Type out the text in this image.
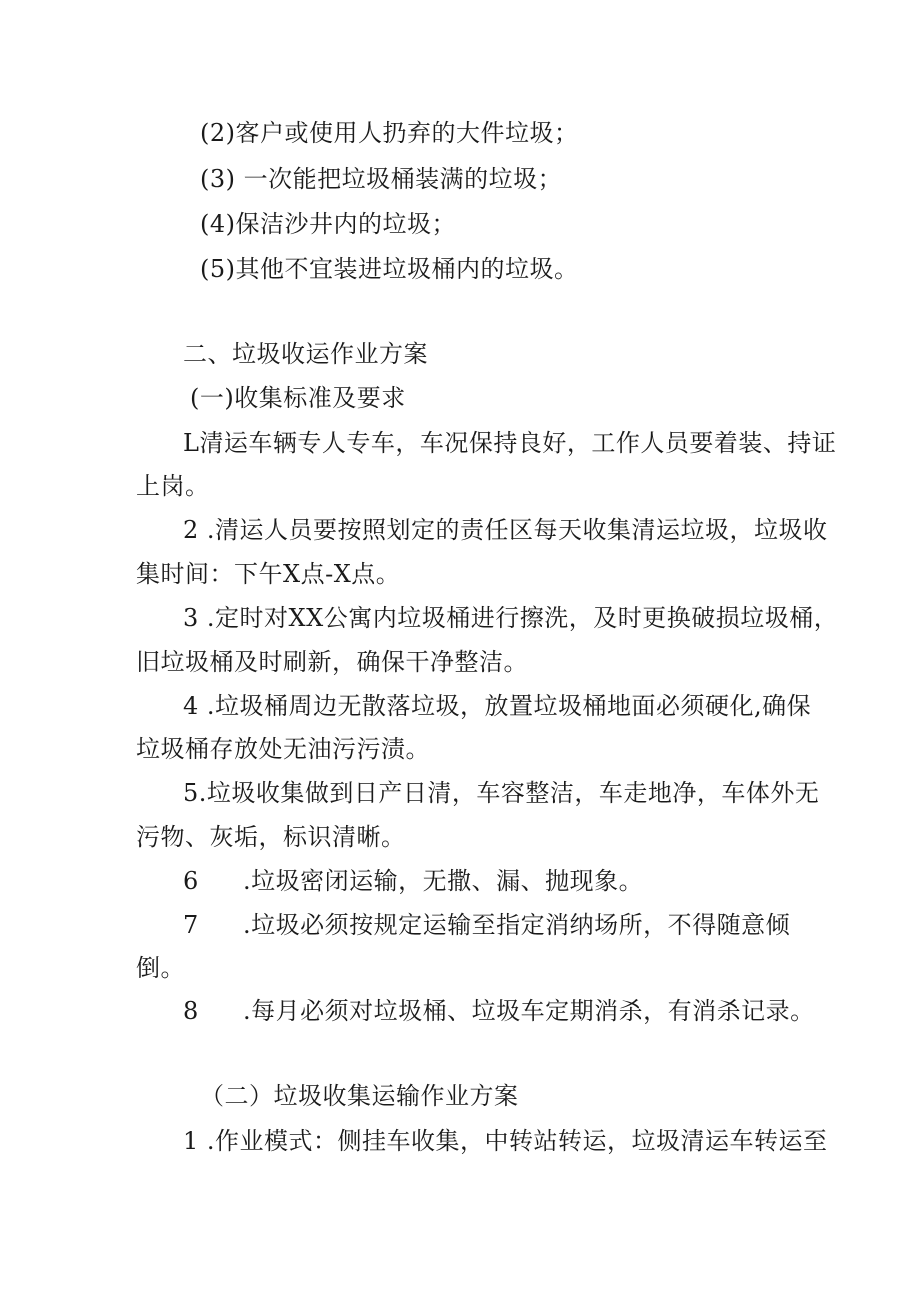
(2)客户或使用人扔弃的大件垃圾；
(3) 一次能把垃圾桶装满的垃圾；
(4)保洁沙井内的垃圾；
(5)其他不宜装进垃圾桶内的垃圾。
二、垃圾收运作业方案
(一)收集标准及要求
L清运车辆专人专车，车况保持良好，工作人员要着装、持证
上岗。
2 .清运人员要按照划定的责任区每天收集清运垃圾，垃圾收
集时间：下午X点-X点。
3 .定时对XX公寓内垃圾桶进行擦洗，及时更换破损垃圾桶，
旧垃圾桶及时刷新，确保干净整洁。
4 .垃圾桶周边无散落垃圾，放置垃圾桶地面必须硬化,确保
垃圾桶存放处无油污污渍。
5.垃圾收集做到日产日清，车容整洁，车走地净，车体外无
污物、灰垢，标识清晰。
6 .垃圾密闭运输，无撒、漏、抛现象。
7 .垃圾必须按规定运输至指定消纳场所，不得随意倾
倒。
8 .每月必须对垃圾桶、垃圾车定期消杀，有消杀记录。
（二）垃圾收集运输作业方案
1 .作业模式：侧挂车收集，中转站转运，垃圾清运车转运至
